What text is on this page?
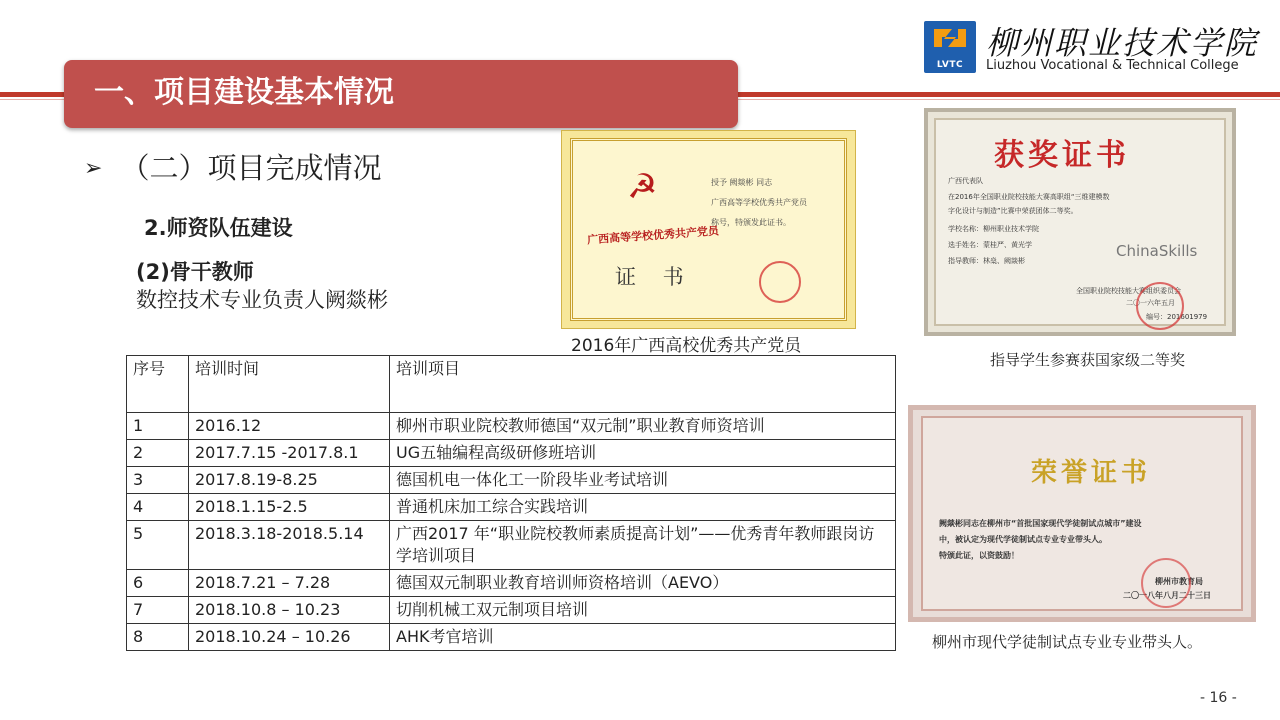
一、项目建设基本情况
LVTC
柳州职业技术学院
Liuzhou Vocational & Technical College
➢ （二）项目完成情况
2.师资队伍建设
(2)骨干教师
数控技术专业负责人阙燚彬
☭
广西高等学校优秀共产党员
证 书
授予 阙燚彬 同志
广西高等学校优秀共产党员
称号，特颁发此证书。
2016年广西高校优秀共产党员
获奖证书
广西代表队
在2016年全国职业院校技能大赛高职组“三维建模数
字化设计与制造”比赛中荣获团体二等奖。
学校名称：柳州职业技术学院
选手姓名：蒙桂严、黄光学
指导教师：林燊、阙燚彬
ChinaSkills
全国职业院校技能大赛组织委员会
二〇一六年五月
编号：201601979
指导学生参赛获国家级二等奖
荣誉证书
阙燚彬同志在柳州市“首批国家现代学徒制试点城市”建设
中，被认定为现代学徒制试点专业专业带头人。
特颁此证，以资鼓励！
柳州市教育局
二〇一八年八月二十三日
柳州市现代学徒制试点专业专业带头人。
序号	培训时间	培训项目
1	2016.12	柳州市职业院校教师德国“双元制”职业教育师资培训
2	2017.7.15 -2017.8.1	UG五轴编程高级研修班培训
3	2017.8.19-8.25	德国机电一体化工一阶段毕业考试培训
4	2018.1.15-2.5	普通机床加工综合实践培训
5	2018.3.18-2018.5.14	广西2017 年“职业院校教师素质提高计划”——优秀青年教师跟岗访学培训项目
6	2018.7.21 – 7.28	德国双元制职业教育培训师资格培训（AEVO）
7	2018.10.8 – 10.23	切削机械工双元制项目培训
8	2018.10.24 – 10.26	AHK考官培训
- 16 -
